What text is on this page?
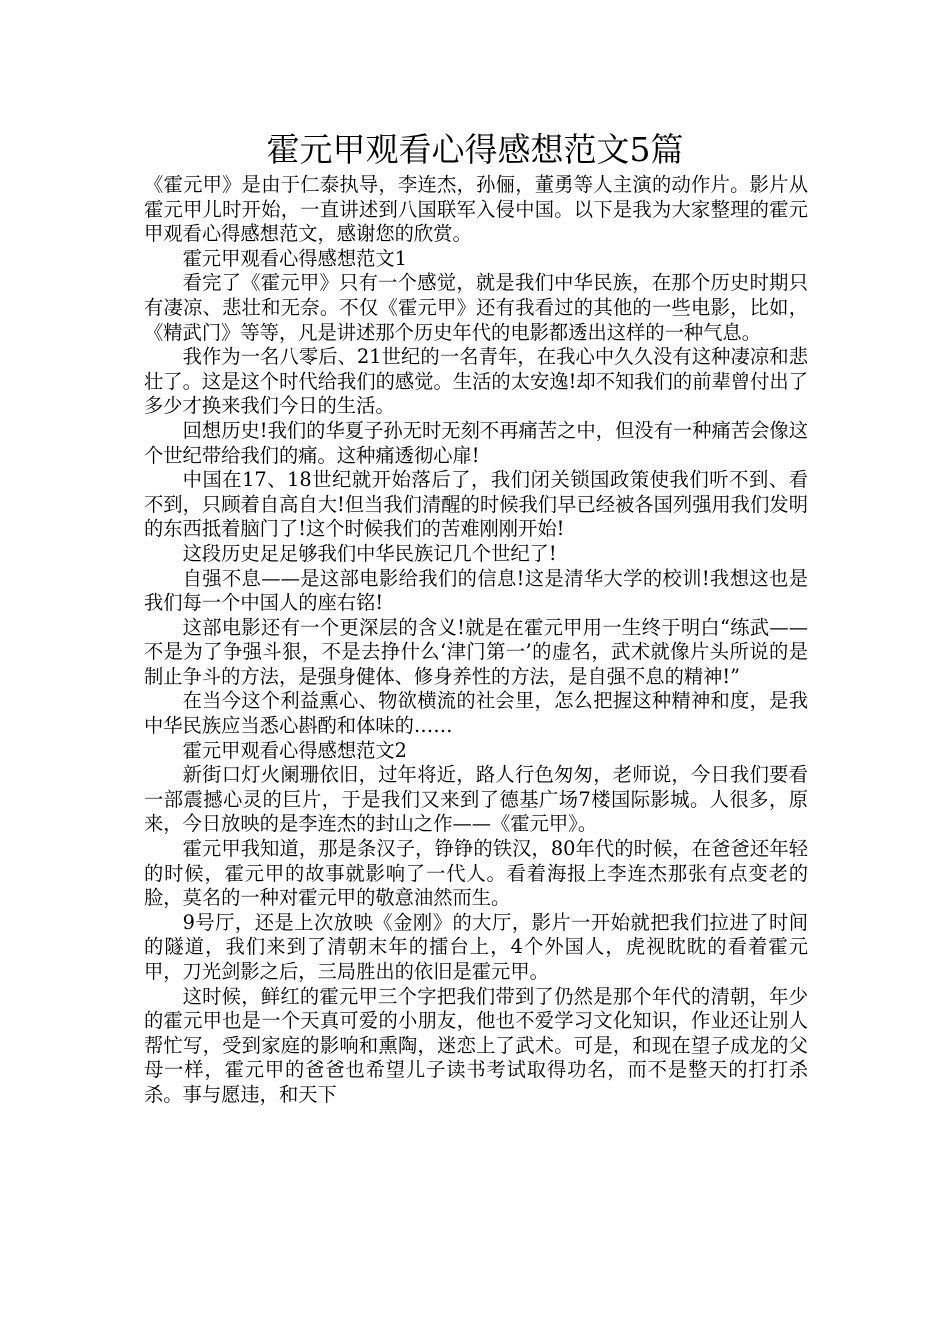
霍元甲观看心得感想范文5篇

《霍元甲》是由于仁泰执导，李连杰，孙俪，董勇等人主演的动作片。影片从霍元甲儿时开始，一直讲述到八国联军入侵中国。以下是我为大家整理的霍元甲观看心得感想范文，感谢您的欣赏。

霍元甲观看心得感想范文1

看完了《霍元甲》只有一个感觉，就是我们中华民族，在那个历史时期只有凄凉、悲壮和无奈。不仅《霍元甲》还有我看过的其他的一些电影，比如，《精武门》等等，凡是讲述那个历史年代的电影都透出这样的一种气息。

我作为一名八零后、21世纪的一名青年，在我心中久久没有这种凄凉和悲壮了。这是这个时代给我们的感觉。生活的太安逸!却不知我们的前辈曾付出了多少才换来我们今日的生活。

回想历史!我们的华夏子孙无时无刻不再痛苦之中，但没有一种痛苦会像这个世纪带给我们的痛。这种痛透彻心扉!

中国在17、18世纪就开始落后了，我们闭关锁国政策使我们听不到、看不到，只顾着自高自大!但当我们清醒的时候我们早已经被各国列强用我们发明的东西抵着脑门了!这个时候我们的苦难刚刚开始!

这段历史足足够我们中华民族记几个世纪了!

自强不息——是这部电影给我们的信息!这是清华大学的校训!我想这也是我们每一个中国人的座右铭!

这部电影还有一个更深层的含义!就是在霍元甲用一生终于明白“练武——不是为了争强斗狠，不是去挣什么‘津门第一’的虚名，武术就像片头所说的是制止争斗的方法，是强身健体、修身养性的方法，是自强不息的精神!”

在当今这个利益熏心、物欲横流的社会里，怎么把握这种精神和度，是我中华民族应当悉心斟酌和体味的……

霍元甲观看心得感想范文2

新街口灯火阑珊依旧，过年将近，路人行色匆匆，老师说，今日我们要看一部震撼心灵的巨片，于是我们又来到了德基广场7楼国际影城。人很多，原来，今日放映的是李连杰的封山之作——《霍元甲》。

霍元甲我知道，那是条汉子，铮铮的铁汉，80年代的时候，在爸爸还年轻的时候，霍元甲的故事就影响了一代人。看着海报上李连杰那张有点变老的脸，莫名的一种对霍元甲的敬意油然而生。

9号厅，还是上次放映《金刚》的大厅，影片一开始就把我们拉进了时间的隧道，我们来到了清朝末年的擂台上，4个外国人，虎视眈眈的看着霍元甲，刀光剑影之后，三局胜出的依旧是霍元甲。

这时候，鲜红的霍元甲三个字把我们带到了仍然是那个年代的清朝，年少的霍元甲也是一个天真可爱的小朋友，他也不爱学习文化知识，作业还让别人帮忙写，受到家庭的影响和熏陶，迷恋上了武术。可是，和现在望子成龙的父母一样，霍元甲的爸爸也希望儿子读书考试取得功名，而不是整天的打打杀杀。事与愿违，和天下
